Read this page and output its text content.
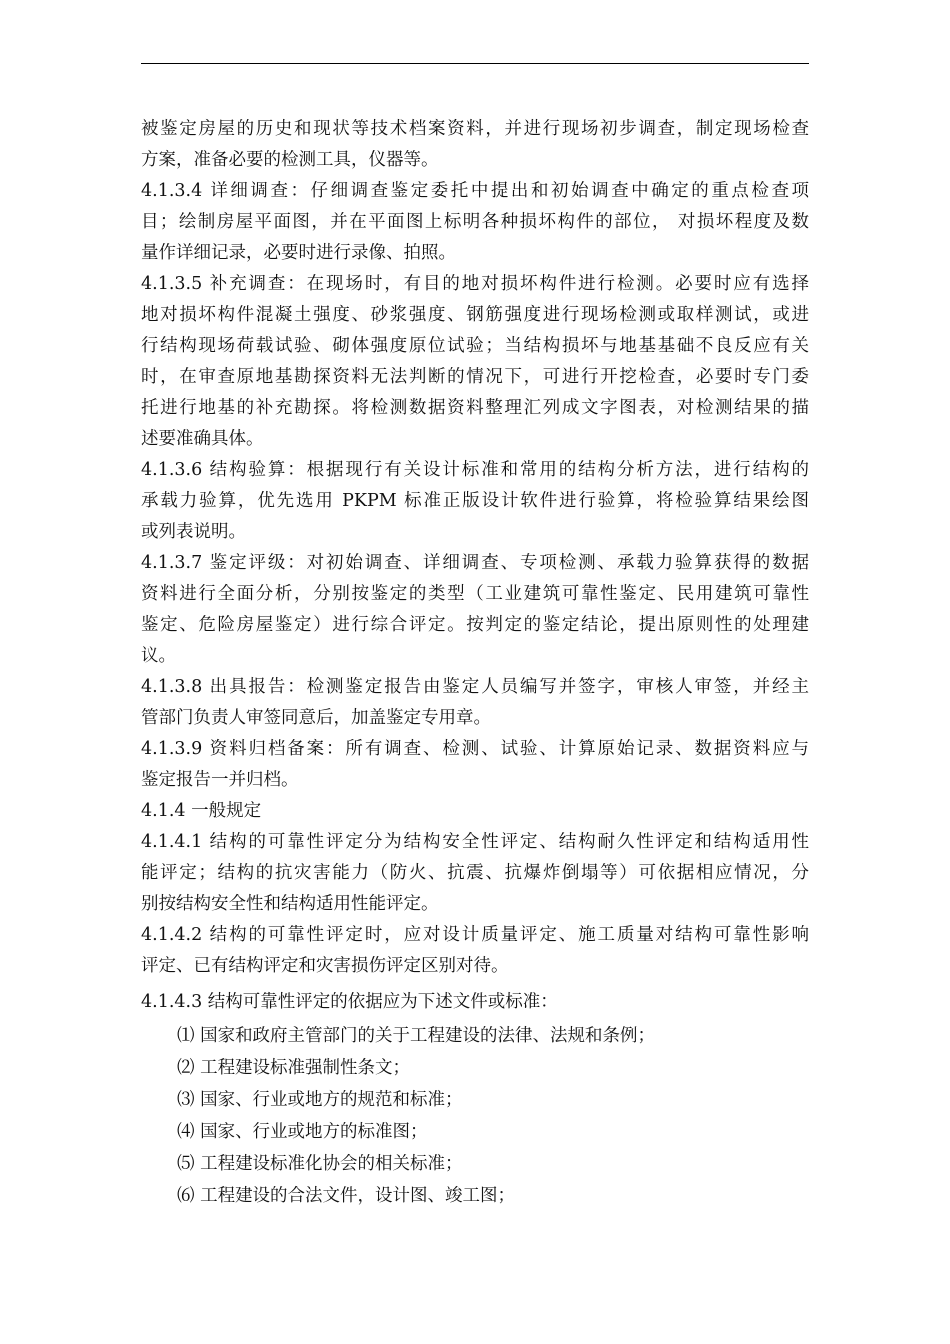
被鉴定房屋的历史和现状等技术档案资料，并进行现场初步调查，制定现场检查
方案，准备必要的检测工具，仪器等。

4.1.3.4 详细调查：仔细调查鉴定委托中提出和初始调查中确定的重点检查项
目；绘制房屋平面图，并在平面图上标明各种损坏构件的部位， 对损坏程度及数
量作详细记录，必要时进行录像、拍照。

4.1.3.5 补充调查：在现场时，有目的地对损坏构件进行检测。必要时应有选择
地对损坏构件混凝土强度、砂浆强度、钢筋强度进行现场检测或取样测试，或进
行结构现场荷载试验、砌体强度原位试验；当结构损坏与地基基础不良反应有关
时，在审查原地基勘探资料无法判断的情况下，可进行开挖检查，必要时专门委
托进行地基的补充勘探。将检测数据资料整理汇列成文字图表，对检测结果的描
述要准确具体。

4.1.3.6 结构验算：根据现行有关设计标准和常用的结构分析方法，进行结构的
承载力验算，优先选用 PKPM 标准正版设计软件进行验算，将检验算结果绘图
或列表说明。

4.1.3.7 鉴定评级：对初始调查、详细调查、专项检测、承载力验算获得的数据
资料进行全面分析，分别按鉴定的类型（工业建筑可靠性鉴定、民用建筑可靠性
鉴定、危险房屋鉴定）进行综合评定。按判定的鉴定结论，提出原则性的处理建
议。

4.1.3.8 出具报告：检测鉴定报告由鉴定人员编写并签字，审核人审签，并经主
管部门负责人审签同意后，加盖鉴定专用章。

4.1.3.9 资料归档备案：所有调查、检测、试验、计算原始记录、数据资料应与
鉴定报告一并归档。

4.1.4 一般规定

4.1.4.1 结构的可靠性评定分为结构安全性评定、结构耐久性评定和结构适用性
能评定；结构的抗灾害能力（防火、抗震、抗爆炸倒塌等）可依据相应情况，分
别按结构安全性和结构适用性能评定。

4.1.4.2 结构的可靠性评定时，应对设计质量评定、施工质量对结构可靠性影响
评定、已有结构评定和灾害损伤评定区别对待。

4.1.4.3 结构可靠性评定的依据应为下述文件或标准：

⑴ 国家和政府主管部门的关于工程建设的法律、法规和条例；
⑵ 工程建设标准强制性条文；
⑶ 国家、行业或地方的规范和标准；
⑷ 国家、行业或地方的标准图；
⑸ 工程建设标准化协会的相关标准；
⑹ 工程建设的合法文件，设计图、竣工图；
